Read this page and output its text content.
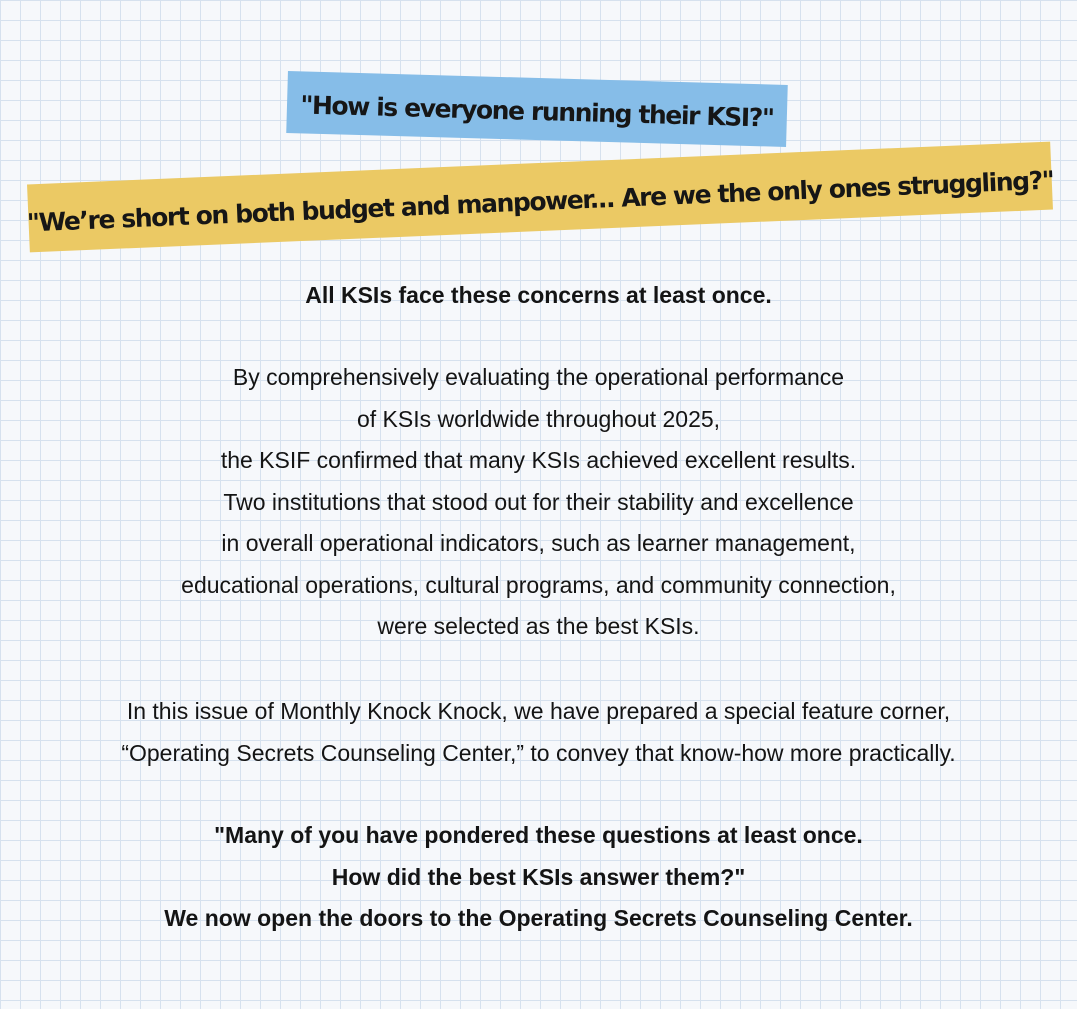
"How is everyone running their KSI?"
"We’re short on both budget and manpower... Are we the only ones struggling?"
All KSIs face these concerns at least once.
By comprehensively evaluating the operational performance
of KSIs worldwide throughout 2025,
the KSIF confirmed that many KSIs achieved excellent results.
Two institutions that stood out for their stability and excellence
in overall operational indicators, such as learner management,
educational operations, cultural programs, and community connection,
were selected as the best KSIs.
In this issue of Monthly Knock Knock, we have prepared a special feature corner,
“Operating Secrets Counseling Center,” to convey that know-how more practically.
"Many of you have pondered these questions at least once.
How did the best KSIs answer them?"
We now open the doors to the Operating Secrets Counseling Center.
